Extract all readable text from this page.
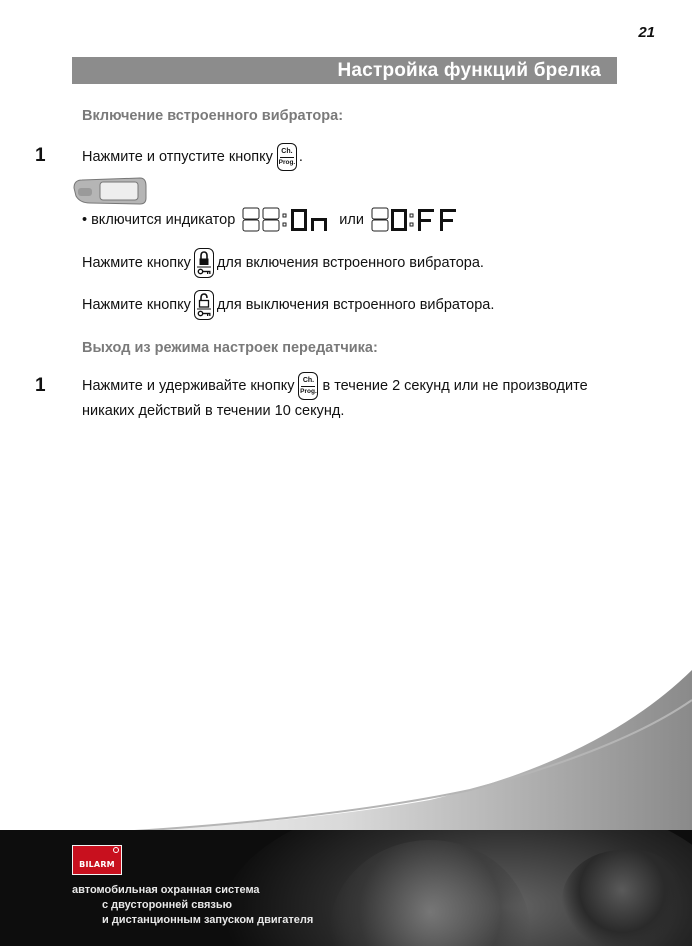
21
Настройка функций брелка
Включение встроенного вибратора:
1	Нажмите и отпустите кнопку Ch.
Prog. .
• включится индикатор	или
Нажмите кнопку для включения встроенного вибратора.
Нажмите кнопку для выключения встроенного вибратора.
Выход из режима настроек передатчика:
1	Нажмите и удерживайте кнопку Ch.
Prog. в течение 2 секунд или не производите
никаких действий в течении 10 секунд.
BILARM
автомобильная охранная система
с двусторонней связью
и дистанционным запуском двигателя
